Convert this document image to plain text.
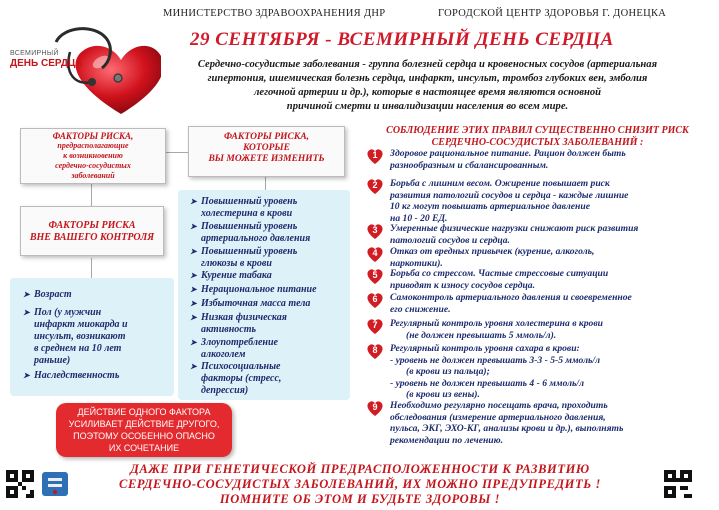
МИНИСТЕРСТВО ЗДРАВООХРАНЕНИЯ ДНР	ГОРОДСКОЙ ЦЕНТР ЗДОРОВЬЯ Г. ДОНЕЦКА
ВСЕМИРНЫЙ
ДЕНЬ СЕРДЦА
29 СЕНТЯБРЯ - ВСЕМИРНЫЙ ДЕНЬ СЕРДЦА
Сердечно-сосудистые заболевания - группа болезней сердца и кровеносных сосудов (артериальная
гипертония, ишемическая болезнь сердца, инфаркт, инсульт, тромбоз глубоких вен, эмболия
легочной артерии и др.), которые в настоящее время являются основной
причиной смерти и инвалидизации населения во всем мире.
ФАКТОРЫ РИСКА,
предрасполагающие
к возникновению
сердечно-сосудистых
заболеваний
ФАКТОРЫ РИСКА,
КОТОРЫЕ
ВЫ МОЖЕТЕ ИЗМЕНИТЬ
ФАКТОРЫ РИСКА
ВНЕ ВАШЕГО КОНТРОЛЯ
➤ Возраст
➤ Пол (у мужчин
инфаркт миокарда и
инсульт, возникают
в среднем на 10 лет
раньше)
➤ Наследственность
➤ Повышенный уровень
холестерина в крови
➤ Повышенный уровень
артериального давления
➤ Повышенный уровень
глюкозы в крови
➤ Курение табака
➤ Нерациональное питание
➤ Избыточная масса тела
➤ Низкая физическая
активность
➤ Злоупотребление
алкоголем
➤ Психосоциальные
факторы (стресс,
депрессия)
ДЕЙСТВИЕ ОДНОГО ФАКТОРА
УСИЛИВАЕТ ДЕЙСТВИЕ ДРУГОГО,
ПОЭТОМУ ОСОБЕННО ОПАСНО
ИХ СОЧЕТАНИЕ
СОБЛЮДЕНИЕ ЭТИХ ПРАВИЛ СУЩЕСТВЕННО СНИЗИТ РИСК
СЕРДЕЧНО-СОСУДИСТЫХ ЗАБОЛЕВАНИЙ :
1	Здоровое рациональное питание. Рацион должен быть
разнообразным и сбалансированным.
2	Борьба с лишним весом. Ожирение повышает риск
развития патологий сосудов и сердца - каждые лишние
10 кг могут повышать артериальное давление
на 10 - 20 ЕД.
3	Умеренные физические нагрузки снижают риск развития
патологий сосудов и сердца.
4	Отказ от вредных привычек (курение, алкоголь,
наркотики).
5	Борьба со стрессом. Частые стрессовые ситуации
приводят к износу сосудов сердца.
6	Самоконтроль артериального давления и своевременное
его снижение.
7	Регулярный контроль уровня холестерина в крови
(не должен превышать 5 ммоль/л).
8	Регулярный контроль уровня сахара в крови:
- уровень не должен превышать 3-3 - 5-5 ммоль/л
(в крови из пальца);
- уровень не должен превышать 4 - 6 ммоль/л
(в крови из вены).
9	Необходимо регулярно посещать врача, проходить
обследования (измерение артериального давления,
пульса, ЭКГ, ЭХО-КГ, анализы крови и др.), выполнять
рекомендации по лечению.
ДАЖЕ ПРИ ГЕНЕТИЧЕСКОЙ ПРЕДРАСПОЛОЖЕННОСТИ К РАЗВИТИЮ
СЕРДЕЧНО-СОСУДИСТЫХ ЗАБОЛЕВАНИЙ, ИХ МОЖНО ПРЕДУПРЕДИТЬ !
ПОМНИТЕ ОБ ЭТОМ И БУДЬТЕ ЗДОРОВЫ !
